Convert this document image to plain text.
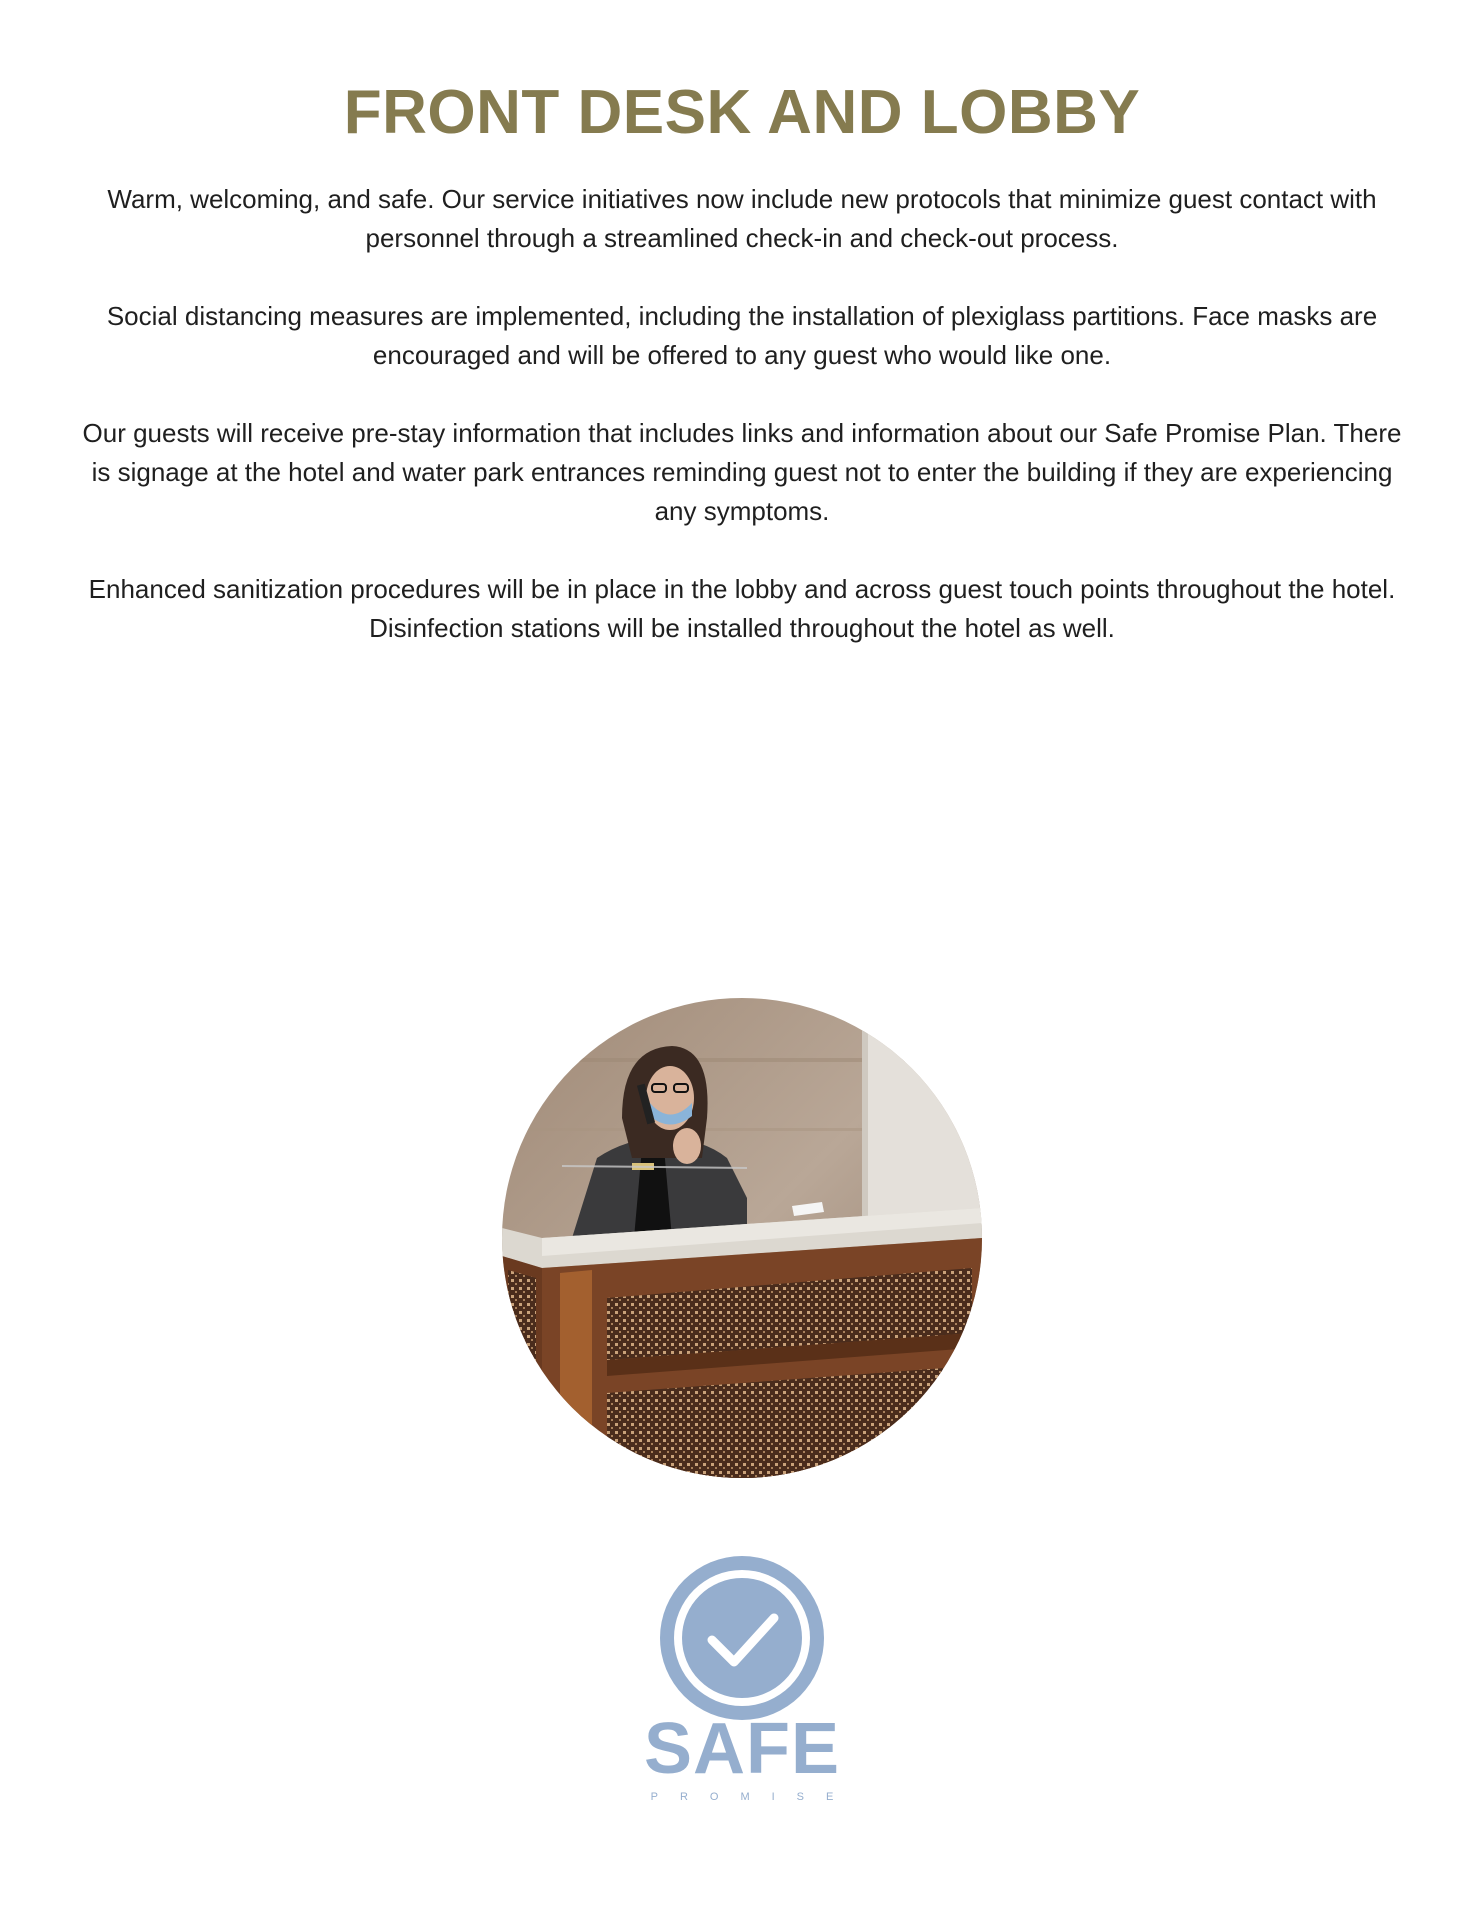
FRONT DESK AND LOBBY

Warm, welcoming, and safe. Our service initiatives now include new protocols that minimize guest contact with personnel through a streamlined check-in and check-out process.

Social distancing measures are implemented, including the installation of plexiglass partitions. Face masks are encouraged and will be offered to any guest who would like one.

Our guests will receive pre-stay information that includes links and information about our Safe Promise Plan. There is signage at the hotel and water park entrances reminding guest not to enter the building if they are experiencing any symptoms.

Enhanced sanitization procedures will be in place in the lobby and across guest touch points throughout the hotel. Disinfection stations will be installed throughout the hotel as well.

SAFE
PROMISE
